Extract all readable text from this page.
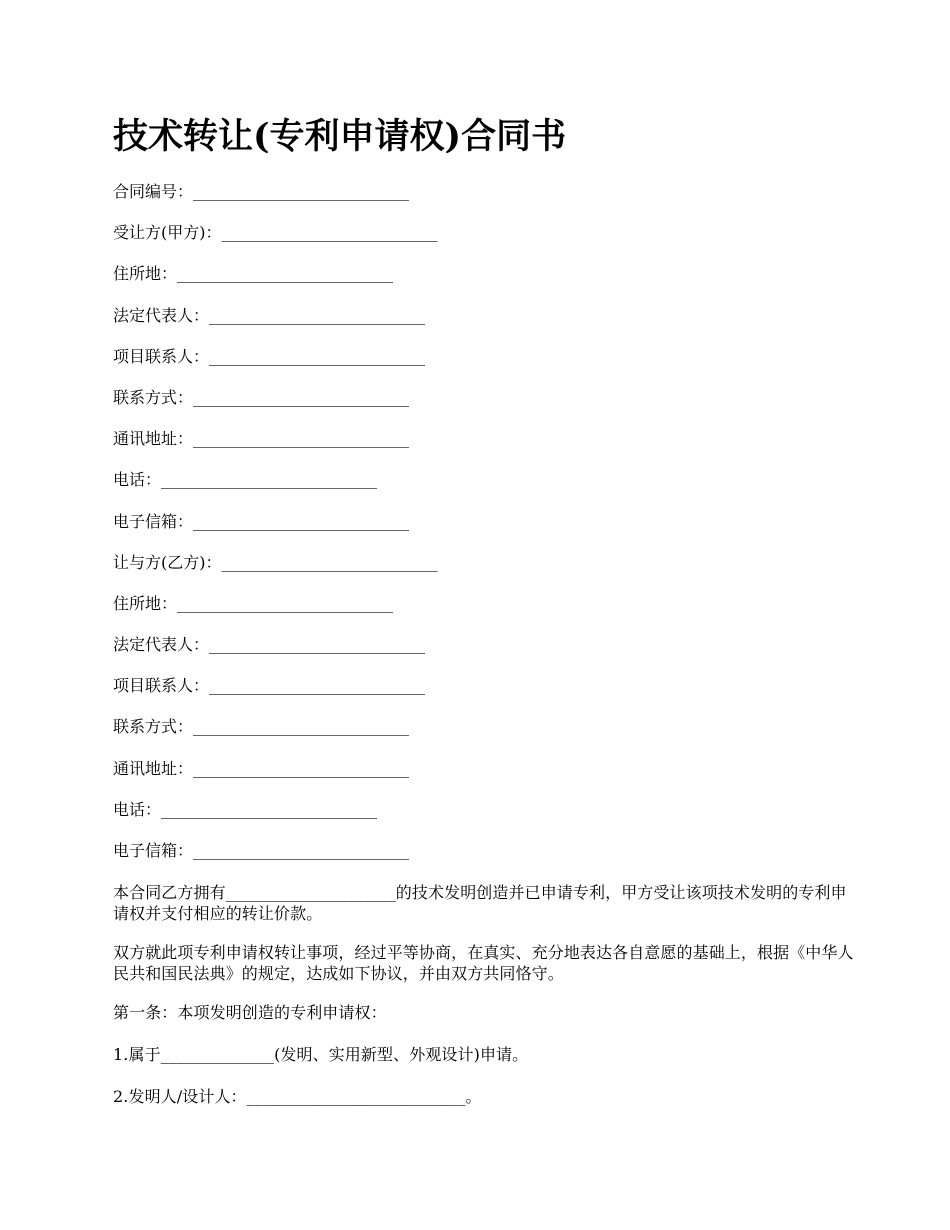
技术转让(专利申请权)合同书
合同编号：___________________________
受让方(甲方)：___________________________
住所地：___________________________
法定代表人：___________________________
项目联系人：___________________________
联系方式：___________________________
通讯地址：___________________________
电话：___________________________
电子信箱：___________________________
让与方(乙方)：___________________________
住所地：___________________________
法定代表人：___________________________
项目联系人：___________________________
联系方式：___________________________
通讯地址：___________________________
电话：___________________________
电子信箱：___________________________

本合同乙方拥有_____________________的技术发明创造并已申请专利，甲方受让该项技术发明的专利申请权并支付相应的转让价款。

双方就此项专利申请权转让事项，经过平等协商，在真实、充分地表达各自意愿的基础上，根据《中华人民共和国民法典》的规定，达成如下协议，并由双方共同恪守。

第一条：本项发明创造的专利申请权：

1.属于______________(发明、实用新型、外观设计)申请。

2.发明人/设计人：___________________________。
